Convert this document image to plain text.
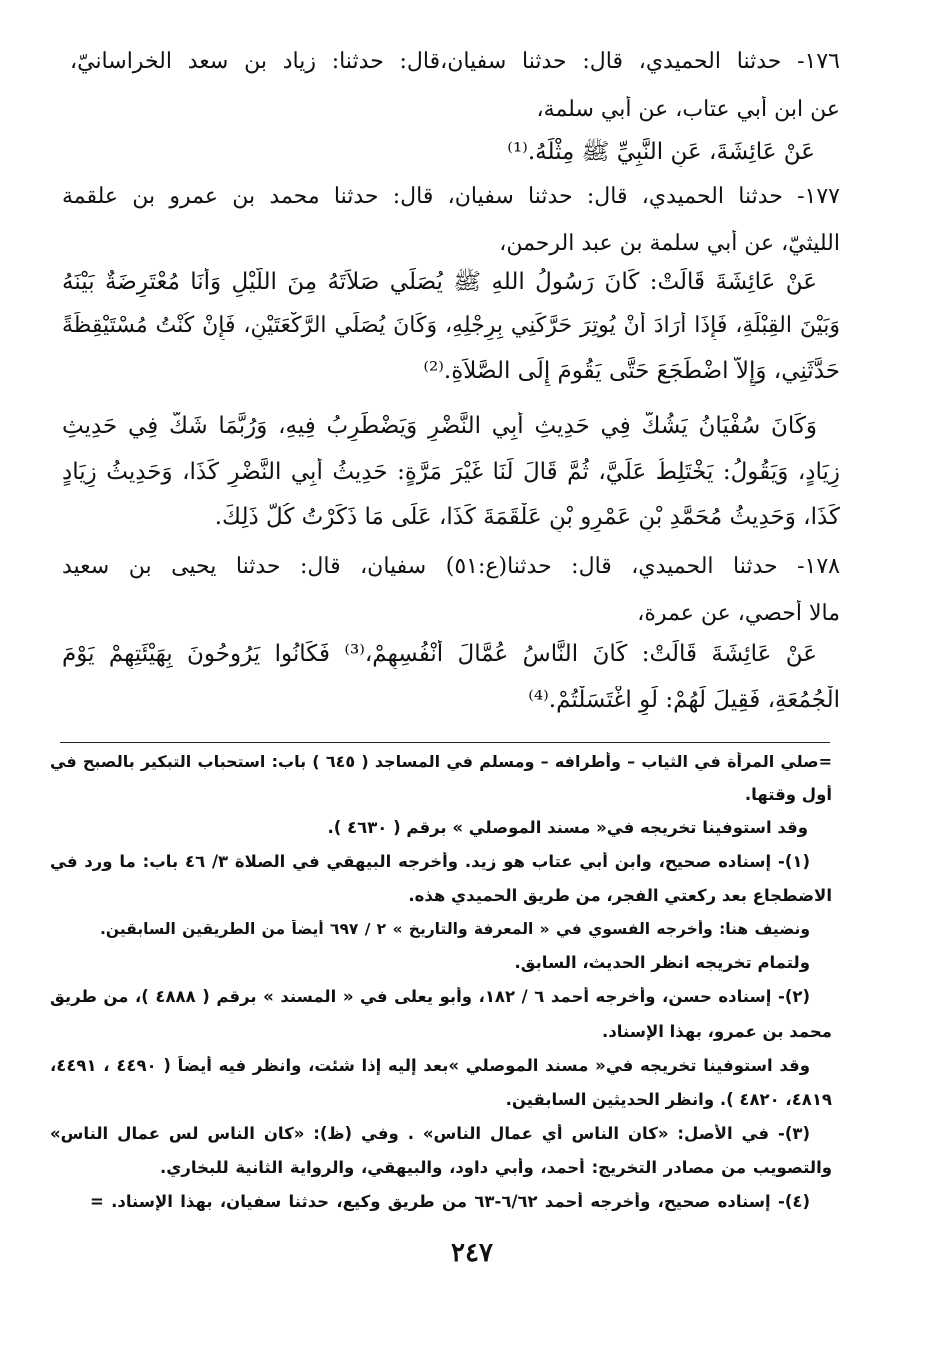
١٧٦- حدثنا الحميدي، قال: حدثنا سفيان،قال: حدثنا: زياد بن سعد الخراسانيّ،
عن ابن أبي عتاب، عن أبي سلمة،
عَنْ عَائِشَةَ، عَنِ النَّبِيِّ ﷺ مِثْلَهُ.⁽¹⁾
١٧٧- حدثنا الحميدي، قال: حدثنا سفيان، قال: حدثنا محمد بن عمرو بن علقمة
الليثيّ، عن أبي سلمة بن عبد الرحمن،
عَنْ عَائِشَةَ قَالَتْ: كَانَ رَسُولُ اللهِ ﷺ يُصَلِّي صَلاَتَهُ مِنَ اللَّيْلِ وَأَنَا مُعْتَرِضَةٌ بَيْنَهُ
وَبَيْنَ القِبْلَةِ، فَإِذَا أَرَادَ أَنْ يُوتِرَ حَرَّكَنِي بِرِجْلِهِ، وَكَانَ يُصَلِّي الرَّكْعَتَيْنِ، فَإِنْ كُنْتُ مُسْتَيْقِظَةً
حَدَّثَنِي، وَإِلاَّ اضْطَجَعَ حَتَّى يَقُومَ إِلَى الصَّلاَةِ.⁽²⁾
وَكَانَ سُفْيَانُ يَشُكُّ فِي حَدِيثِ أَبِي النَّضْرِ وَيَضْطَرِبُ فِيهِ، وَرُبَّمَا شَكَّ فِي حَدِيثِ
زِيَادٍ، وَيَقُولُ: يَخْتَلِطُ عَلَيَّ، ثُمَّ قَالَ لَنَا غَيْرَ مَرَّةٍ: حَدِيثُ أَبِي النَّضْرِ كَذَا، وَحَدِيثُ زِيَادٍ
كَذَا، وَحَدِيثُ مُحَمَّدِ بْنِ عَمْرِو بْنِ عَلْقَمَةَ كَذَا، عَلَى مَا ذَكَرْتُ كُلَّ ذَلِكَ.
١٧٨- حدثنا الحميدي، قال: حدثنا(ع:٥١) سفيان، قال: حدثنا يحيى بن سعيد
مالا أحصي، عن عمرة،
عَنْ عَائِشَةَ قَالَتْ: كَانَ النَّاسُ عُمَّالَ أَنْفُسِهِمْ،⁽³⁾ فَكَانُوا يَرُوحُونَ بِهَيْئَتِهِمْ يَوْمَ
الْجُمُعَةِ، فَقِيلَ لَهُمْ: لَوِ اغْتَسَلْتُمْ.⁽⁴⁾
=صلي المرأة في الثياب – وأطرافه – ومسلم في المساجد ( ٦٤٥ ) باب: استحباب التبكير بالصبح في
أول وقتها.
وقد استوفينا تخريجه في« مسند الموصلي » برقم ( ٤٦٣٠ ).
(١)- إسناده صحيح، وابن أبي عتاب هو زيد. وأخرجه البيهقي في الصلاة ٣/ ٤٦ باب: ما ورد في
الاضطجاع بعد ركعتي الفجر، من طريق الحميدي هذه.
ونضيف هنا: وأخرجه الفسوي في « المعرفة والتاريخ » ٢ / ٦٩٧ أيضاً من الطريقين السابقين.
ولتمام تخريجه انظر الحديث، السابق.
(٢)- إسناده حسن، وأخرجه أحمد ٦ / ١٨٢، وأبو يعلى في « المسند » برقم ( ٤٨٨٨ )، من طريق
محمد بن عمرو، بهذا الإسناد.
وقد استوفينا تخريجه في« مسند الموصلي »بعد إليه إذا شئت، وانظر فيه أيضاً ( ٤٤٩٠ ، ٤٤٩١،
٤٨١٩، ٤٨٢٠ ). وانظر الحديثين السابقين.
(٣)- في الأصل: «كان الناس أي عمال الناس» . وفي (ظ): «كان الناس لس عمال الناس»
والتصويب من مصادر التخريج: أحمد، وأبي داود، والبيهقي، والرواية الثانية للبخاري.
(٤)- إسناده صحيح، وأخرجه أحمد ٦/٦٢-٦٣ من طريق وكيع، حدثنا سفيان، بهذا الإسناد. =
٢٤٧
